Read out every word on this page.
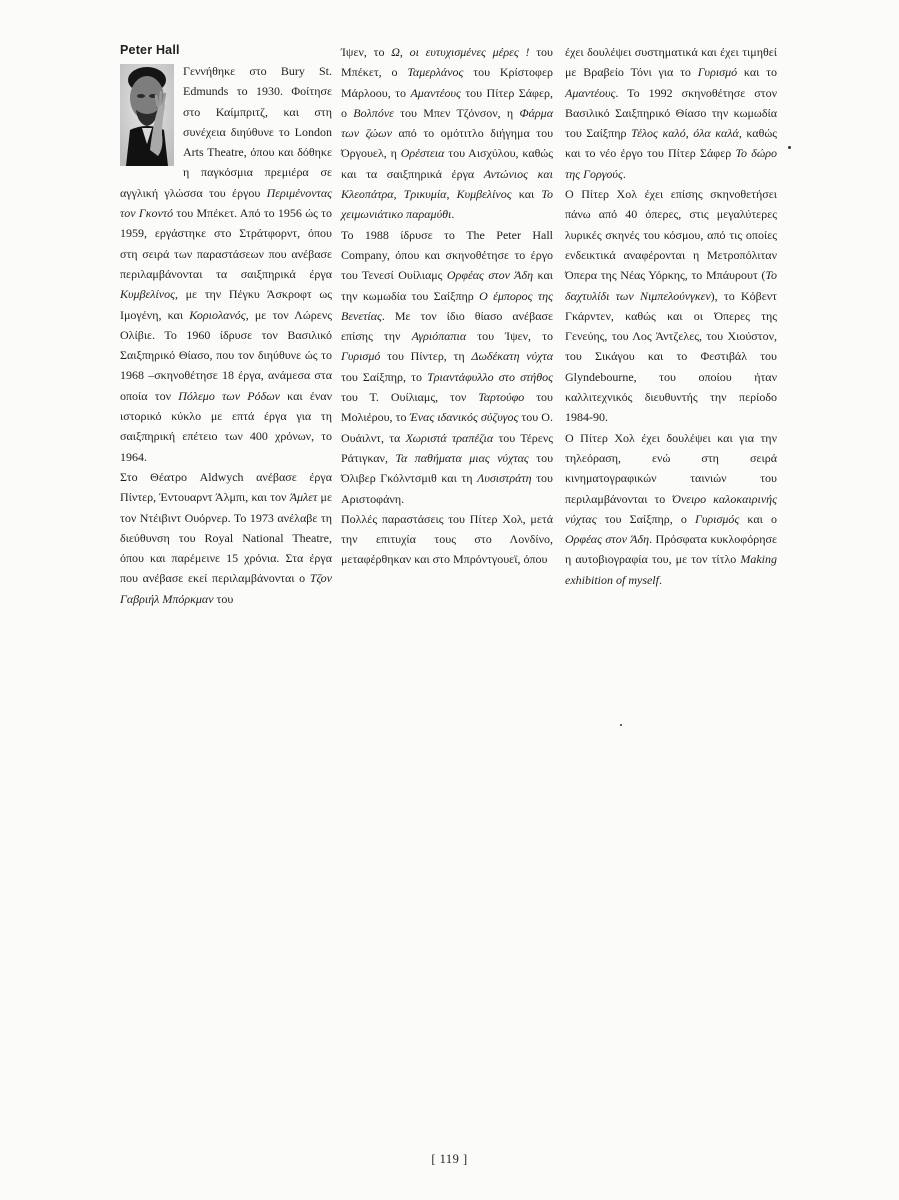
Peter Hall

Γεννήθηκε στο Bury St. Edmunds το 1930. Φοίτησε στο Καίμπριτζ, και στη συνέχεια διηύθυνε το London Arts Theatre, όπου και δόθηκε η παγκόσμια πρεμιέρα σε αγγλική γλώσσα του έργου Περιμένοντας τον Γκοντό του Μπέκετ. Από το 1956 ώς το 1959, εργάστηκε στο Στράτφορντ, όπου στη σειρά των παραστάσεων που ανέβασε περιλαμβάνονται τα σαιξπηρικά έργα Κυμβελίνος, με την Πέγκυ Άσκροφτ ως Ιμογένη, και Κοριολανός, με τον Λώρενς Ολίβιε. Το 1960 ίδρυσε τον Βασιλικό Σαιξπηρικό Θίασο, που τον διηύθυνε ώς το 1968 –σκηνοθέτησε 18 έργα, ανάμεσα στα οποία τον Πόλεμο των Ρόδων και έναν ιστορικό κύκλο με επτά έργα για τη σαιξπηρική επέτειο των 400 χρόνων, το 1964.

Στο Θέατρο Aldwych ανέβασε έργα Πίντερ, Έντουαρντ Άλμπι, και τον Άμλετ με τον Ντέιβιντ Ουόρνερ. Το 1973 ανέλαβε τη διεύθυνση του Royal National Theatre, όπου και παρέμεινε 15 χρόνια. Στα έργα που ανέβασε εκεί περιλαμβάνονται ο Τζον Γαβριήλ Μπόρκμαν του

Ίψεν, το Ω, οι ευτυχισμένες μέρες ! του Μπέκετ, ο Ταμερλάνος του Κρίστοφερ Μάρλοου, το Αμαντέους του Πίτερ Σάφερ, ο Βολπόνε του Μπεν Τζόνσον, η Φάρμα των ζώων από το ομότιτλο διήγημα του Όργουελ, η Ορέστεια του Αισχύλου, καθώς και τα σαιξπηρικά έργα Αντώνιος και Κλεοπάτρα, Τρικυμία, Κυμβελίνος και Το χειμωνιάτικο παραμύθι.

Το 1988 ίδρυσε το The Peter Hall Company, όπου και σκηνοθέτησε το έργο του Τενεσί Ουίλιαμς Ορφέας στον Άδη και την κωμωδία του Σαίξπηρ Ο έμπορος της Βενετίας. Με τον ίδιο θίασο ανέβασε επίσης την Αγριόπαπια του Ίψεν, το Γυρισμό του Πίντερ, τη Δωδέκατη νύχτα του Σαίξπηρ, το Τριαντάφυλλο στο στήθος του Τ. Ουίλιαμς, τον Ταρτούφο του Μολιέρου, το Ένας ιδανικός σύζυγος του Ο. Ουάιλντ, τα Χωριστά τραπέζια του Τέρενς Ράτιγκαν, Τα παθήματα μιας νύχτας του Όλιβερ Γκόλντσμιθ και τη Λυσιστράτη του Αριστοφάνη.

Πολλές παραστάσεις του Πίτερ Χολ, μετά την επιτυχία τους στο Λονδίνο, μεταφέρθηκαν και στο Μπρόντγουεϊ, όπου

έχει δουλέψει συστηματικά και έχει τιμηθεί με Βραβείο Τόνι για το Γυρισμό και το Αμαντέους. Το 1992 σκηνοθέτησε στον Βασιλικό Σαιξπηρικό Θίασο την κωμωδία του Σαίξπηρ Τέλος καλό, όλα καλά, καθώς και το νέο έργο του Πίτερ Σάφερ Το δώρο της Γοργούς.

Ο Πίτερ Χολ έχει επίσης σκηνοθετήσει πάνω από 40 όπερες, στις μεγαλύτερες λυρικές σκηνές του κόσμου, από τις οποίες ενδεικτικά αναφέρονται η Μετροπόλιταν Όπερα της Νέας Υόρκης, το Μπάυρουτ (Το δαχτυλίδι των Νιμπελούνγκεν), το Κόβεντ Γκάρντεν, καθώς και οι Όπερες της Γενεύης, του Λος Άντζελες, του Χιούστον, του Σικάγου και το Φεστιβάλ του Glyndebourne, του οποίου ήταν καλλιτεχνικός διευθυντής την περίοδο 1984-90.

Ο Πίτερ Χολ έχει δουλέψει και για την τηλεόραση, ενώ στη σειρά κινηματογραφικών ταινιών του περιλαμβάνονται το Όνειρο καλοκαιρινής νύχτας του Σαίξπηρ, ο Γυρισμός και ο Ορφέας στον Άδη. Πρόσφατα κυκλοφόρησε η αυτοβιογραφία του, με τον τίτλο Making exhibition of myself.

[ 119 ]
